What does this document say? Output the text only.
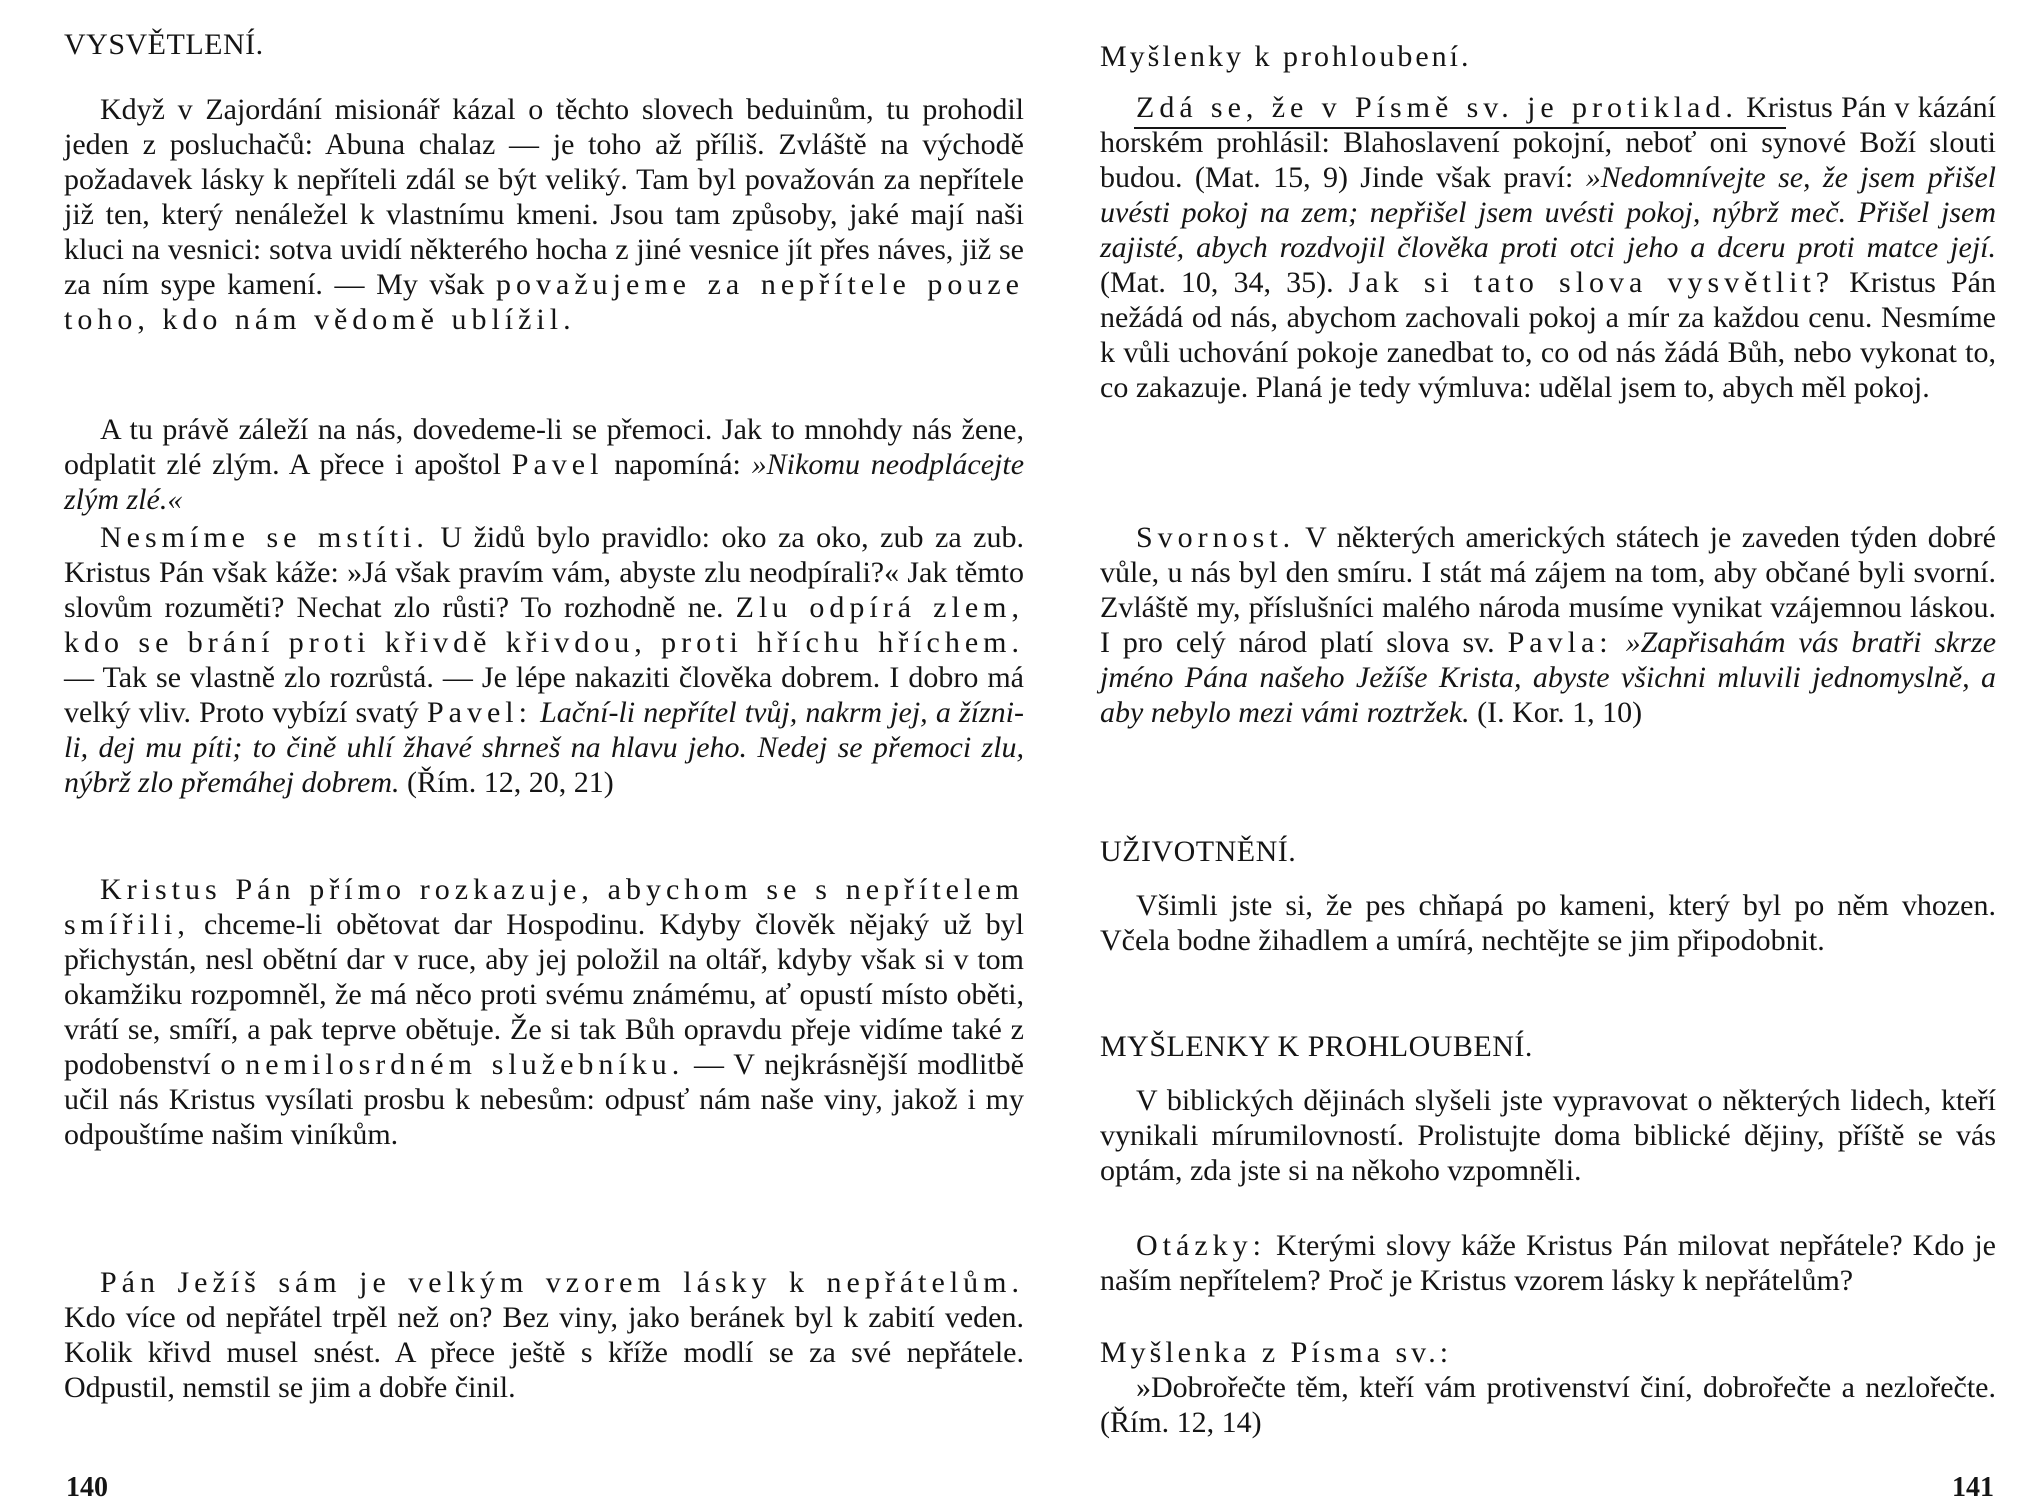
VYSVĚTLENÍ.

Když v Zajordání misionář kázal o těchto slovech beduinům, tu prohodil jeden z posluchačů: Abuna chalaz — je toho až příliš. Zvláště na východě požadavek lásky k nepříteli zdál se být veliký. Tam byl považován za nepřítele již ten, který nenáležel k vlastnímu kmeni. Jsou tam způsoby, jaké mají naši kluci na vesnici: sotva uvidí některého hocha z jiné vesnice jít přes náves, již se za ním sype kamení. — My však považujeme za nepřítele pouze toho, kdo nám vědomě ublížil.

A tu právě záleží na nás, dovedeme-li se přemoci. Jak to mnohdy nás žene, odplatit zlé zlým. A přece i apoštol Pavel napomíná: »Nikomu neodplácejte zlým zlé.«

Nesmíme se mstíti. U židů bylo pravidlo: oko za oko, zub za zub. Kristus Pán však káže: »Já však pravím vám, abyste zlu neodpírali?« Jak těmto slovům rozuměti? Nechat zlo růsti? To rozhodně ne. Zlu odpírá zlem, kdo se brání proti křivdě křivdou, proti hříchu hříchem. — Tak se vlastně zlo rozrůstá. — Je lépe nakaziti člověka dobrem. I dobro má velký vliv. Proto vybízí svatý Pavel: Lační-li nepřítel tvůj, nakrm jej, a žízni-li, dej mu píti; to čině uhlí žhavé shrneš na hlavu jeho. Nedej se přemoci zlu, nýbrž zlo přemáhej dobrem. (Řím. 12, 20, 21)

Kristus Pán přímo rozkazuje, abychom se s nepřítelem smířili, chceme-li obětovat dar Hospodinu. Kdyby člověk nějaký už byl přichystán, nesl obětní dar v ruce, aby jej položil na oltář, kdyby však si v tom okamžiku rozpomněl, že má něco proti svému známému, ať opustí místo oběti, vrátí se, smíří, a pak teprve obětuje. Že si tak Bůh opravdu přeje vidíme také z podobenství o nemilosrdném služebníku. — V nejkrásnější modlitbě učil nás Kristus vysílati prosbu k nebesům: odpusť nám naše viny, jakož i my odpouštíme našim viníkům.

Pán Ježíš sám je velkým vzorem lásky k nepřátelům. Kdo více od nepřátel trpěl než on? Bez viny, jako beránek byl k zabití veden. Kolik křivd musel snést. A přece ještě s kříže modlí se za své nepřátele. Odpustil, nemstil se jim a dobře činil.

140
Myšlenky k prohloubení.

Zdá se, že v Písmě sv. je protiklad. Kristus Pán v kázání horském prohlásil: Blahoslavení pokojní, neboť oni synové Boží slouti budou. (Mat. 15, 9) Jinde však praví: »Nedomnívejte se, že jsem přišel uvésti pokoj na zem; nepřišel jsem uvésti pokoj, nýbrž meč. Přišel jsem zajisté, abych rozdvojil člověka proti otci jeho a dceru proti matce její. (Mat. 10, 34, 35). Jak si tato slova vysvětlit? Kristus Pán nežádá od nás, abychom zachovali pokoj a mír za každou cenu. Nesmíme k vůli uchování pokoje zanedbat to, co od nás žádá Bůh, nebo vykonat to, co zakazuje. Planá je tedy výmluva: udělal jsem to, abych měl pokoj.

Svornost. V některých amerických státech je zaveden týden dobré vůle, u nás byl den smíru. I stát má zájem na tom, aby občané byli svorní. Zvláště my, příslušníci malého národa musíme vynikat vzájemnou láskou. I pro celý národ platí slova sv. Pavla: »Zapřisahám vás bratři skrze jméno Pána našeho Ježíše Krista, abyste všichni mluvili jednomyslně, a aby nebylo mezi vámi roztržek. (I. Kor. 1, 10)

UŽIVOTNĚNÍ.

Všimli jste si, že pes chňapá po kameni, který byl po něm vhozen. Včela bodne žihadlem a umírá, nechtějte se jim připodobnit.

MYŠLENKY K PROHLOUBENÍ.

V biblických dějinách slyšeli jste vypravovat o některých lidech, kteří vynikali mírumilovností. Prolistujte doma biblické dějiny, příště se vás optám, zda jste si na někoho vzpomněli.

Otázky: Kterými slovy káže Kristus Pán milovat nepřátele? Kdo je naším nepřítelem? Proč je Kristus vzorem lásky k nepřátelům?

Myšlenka z Písma sv.:

»Dobrořečte těm, kteří vám protivenství činí, dobrořečte a nezlořečte. (Řím. 12, 14)

141
